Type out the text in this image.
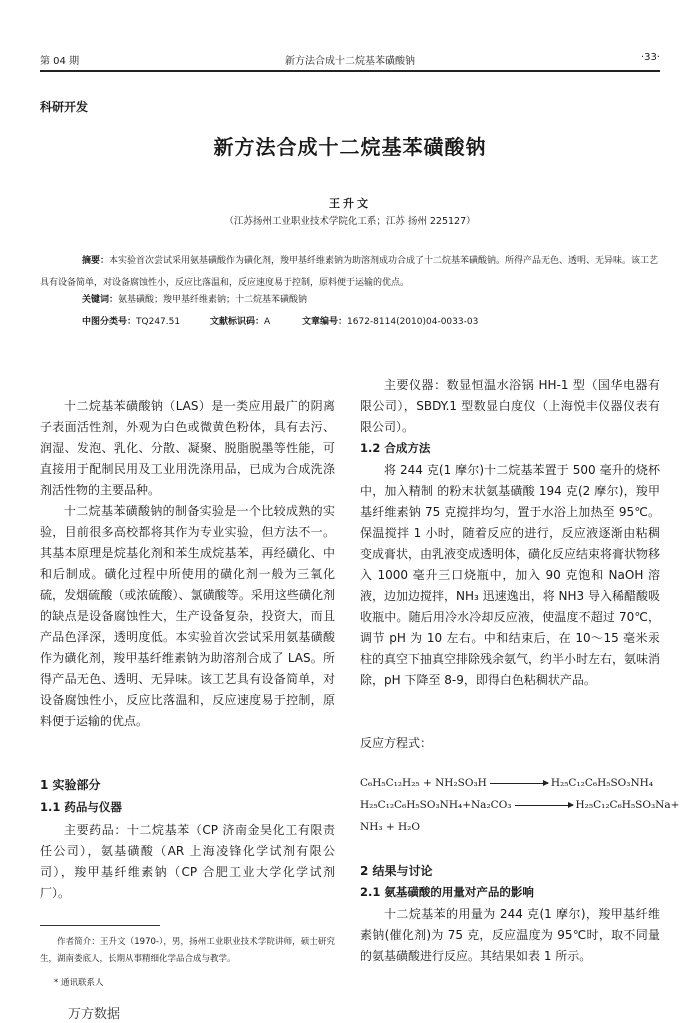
第 04 期	新方法合成十二烷基苯磺酸钠	·33·
科研开发
新方法合成十二烷基苯磺酸钠
王升文
（江苏扬州工业职业技术学院化工系；江苏 扬州 225127）
摘要：本实验首次尝试采用氨基磺酸作为磺化剂，羧甲基纤维素钠为助溶剂成功合成了十二烷基苯磺酸钠。所得产品无色、透明、无异味。该工艺具有设备简单，对设备腐蚀性小，反应比落温和，反应速度易于控制，原料便于运输的优点。
关键词：氨基磺酸；羧甲基纤维素钠；十二烷基苯磺酸钠
中图分类号：TQ247.51	文献标识码：A	文章编号：1672-8114(2010)04-0033-03

十二烷基苯磺酸钠（LAS）是一类应用最广的阴离子表面活性剂，外观为白色或微黄色粉体，具有去污、润湿、发泡、乳化、分散、凝聚、脱脂脱墨等性能，可直接用于配制民用及工业用洗涤用品，已成为合成洗涤剂活性物的主要品种。

十二烷基苯磺酸钠的制备实验是一个比较成熟的实验，目前很多高校都将其作为专业实验，但方法不一。其基本原理是烷基化剂和苯生成烷基苯，再经磺化、中和后制成。磺化过程中所使用的磺化剂一般为三氧化硫，发烟硫酸（或浓硫酸）、氯磺酸等。采用这些磺化剂的缺点是设备腐蚀性大，生产设备复杂，投资大，而且产品色泽深，透明度低。本实验首次尝试采用氨基磺酸作为磺化剂，羧甲基纤维素钠为助溶剂合成了 LAS。所得产品无色、透明、无异味。该工艺具有设备简单，对设备腐蚀性小，反应比落温和，反应速度易于控制，原料便于运输的优点。

1 实验部分
1.1 药品与仪器

主要药品：十二烷基苯（CP 济南金昊化工有限责任公司），氨基磺酸（AR 上海凌锋化学试剂有限公司），羧甲基纤维素钠（CP 合肥工业大学化学试剂厂）。

作者简介：王升文（1970-），男，扬州工业职业技术学院讲师，硕士研究生，湖南娄底人，长期从事精细化学品合成与教学。

* 通讯联系人

主要仪器：数显恒温水浴锅 HH-1 型（国华电器有限公司），SBDY.1 型数显白度仪（上海悦丰仪器仪表有限公司）。

1.2 合成方法

将 244 克(1 摩尔)十二烷基苯置于 500 毫升的烧杯中，加入精制 的粉末状氨基磺酸 194 克(2 摩尔)，羧甲基纤维素钠 75 克搅拌均匀，置于水浴上加热至 95℃。保温搅拌 1 小时，随着反应的进行，反应液逐渐由粘稠变成膏状，由乳液变成透明体，磺化反应结束将膏状物移入 1000 毫升三口烧瓶中，加入 90 克饱和 NaOH 溶液，边加边搅拌，NH₃ 迅速逸出，将 NH3 导入稀醋酸吸收瓶中。随后用冷水冷却反应液，使温度不超过 70℃，调节 pH 为 10 左右。中和结束后，在 10～15 毫米汞柱的真空下抽真空排除残余氨气，约半小时左右，氨味消除，pH 下降至 8-9，即得白色粘稠状产品。

反应方程式：
C₆H₅C₁₂H₂₅ + NH₂SO₃H	H₂₅C₁₂C₆H₅SO₃NH₄
H₂₅C₁₂C₆H₅SO₃NH₄+Na₂CO₃	H₂₅C₁₂C₆H₅SO₃Na+
NH₃ + H₂O
2 结果与讨论
2.1 氨基磺酸的用量对产品的影响

十二烷基苯的用量为 244 克(1 摩尔)，羧甲基纤维素钠(催化剂)为 75 克，反应温度为 95℃时，取不同量的氨基磺酸进行反应。其结果如表 1 所示。

万方数据
